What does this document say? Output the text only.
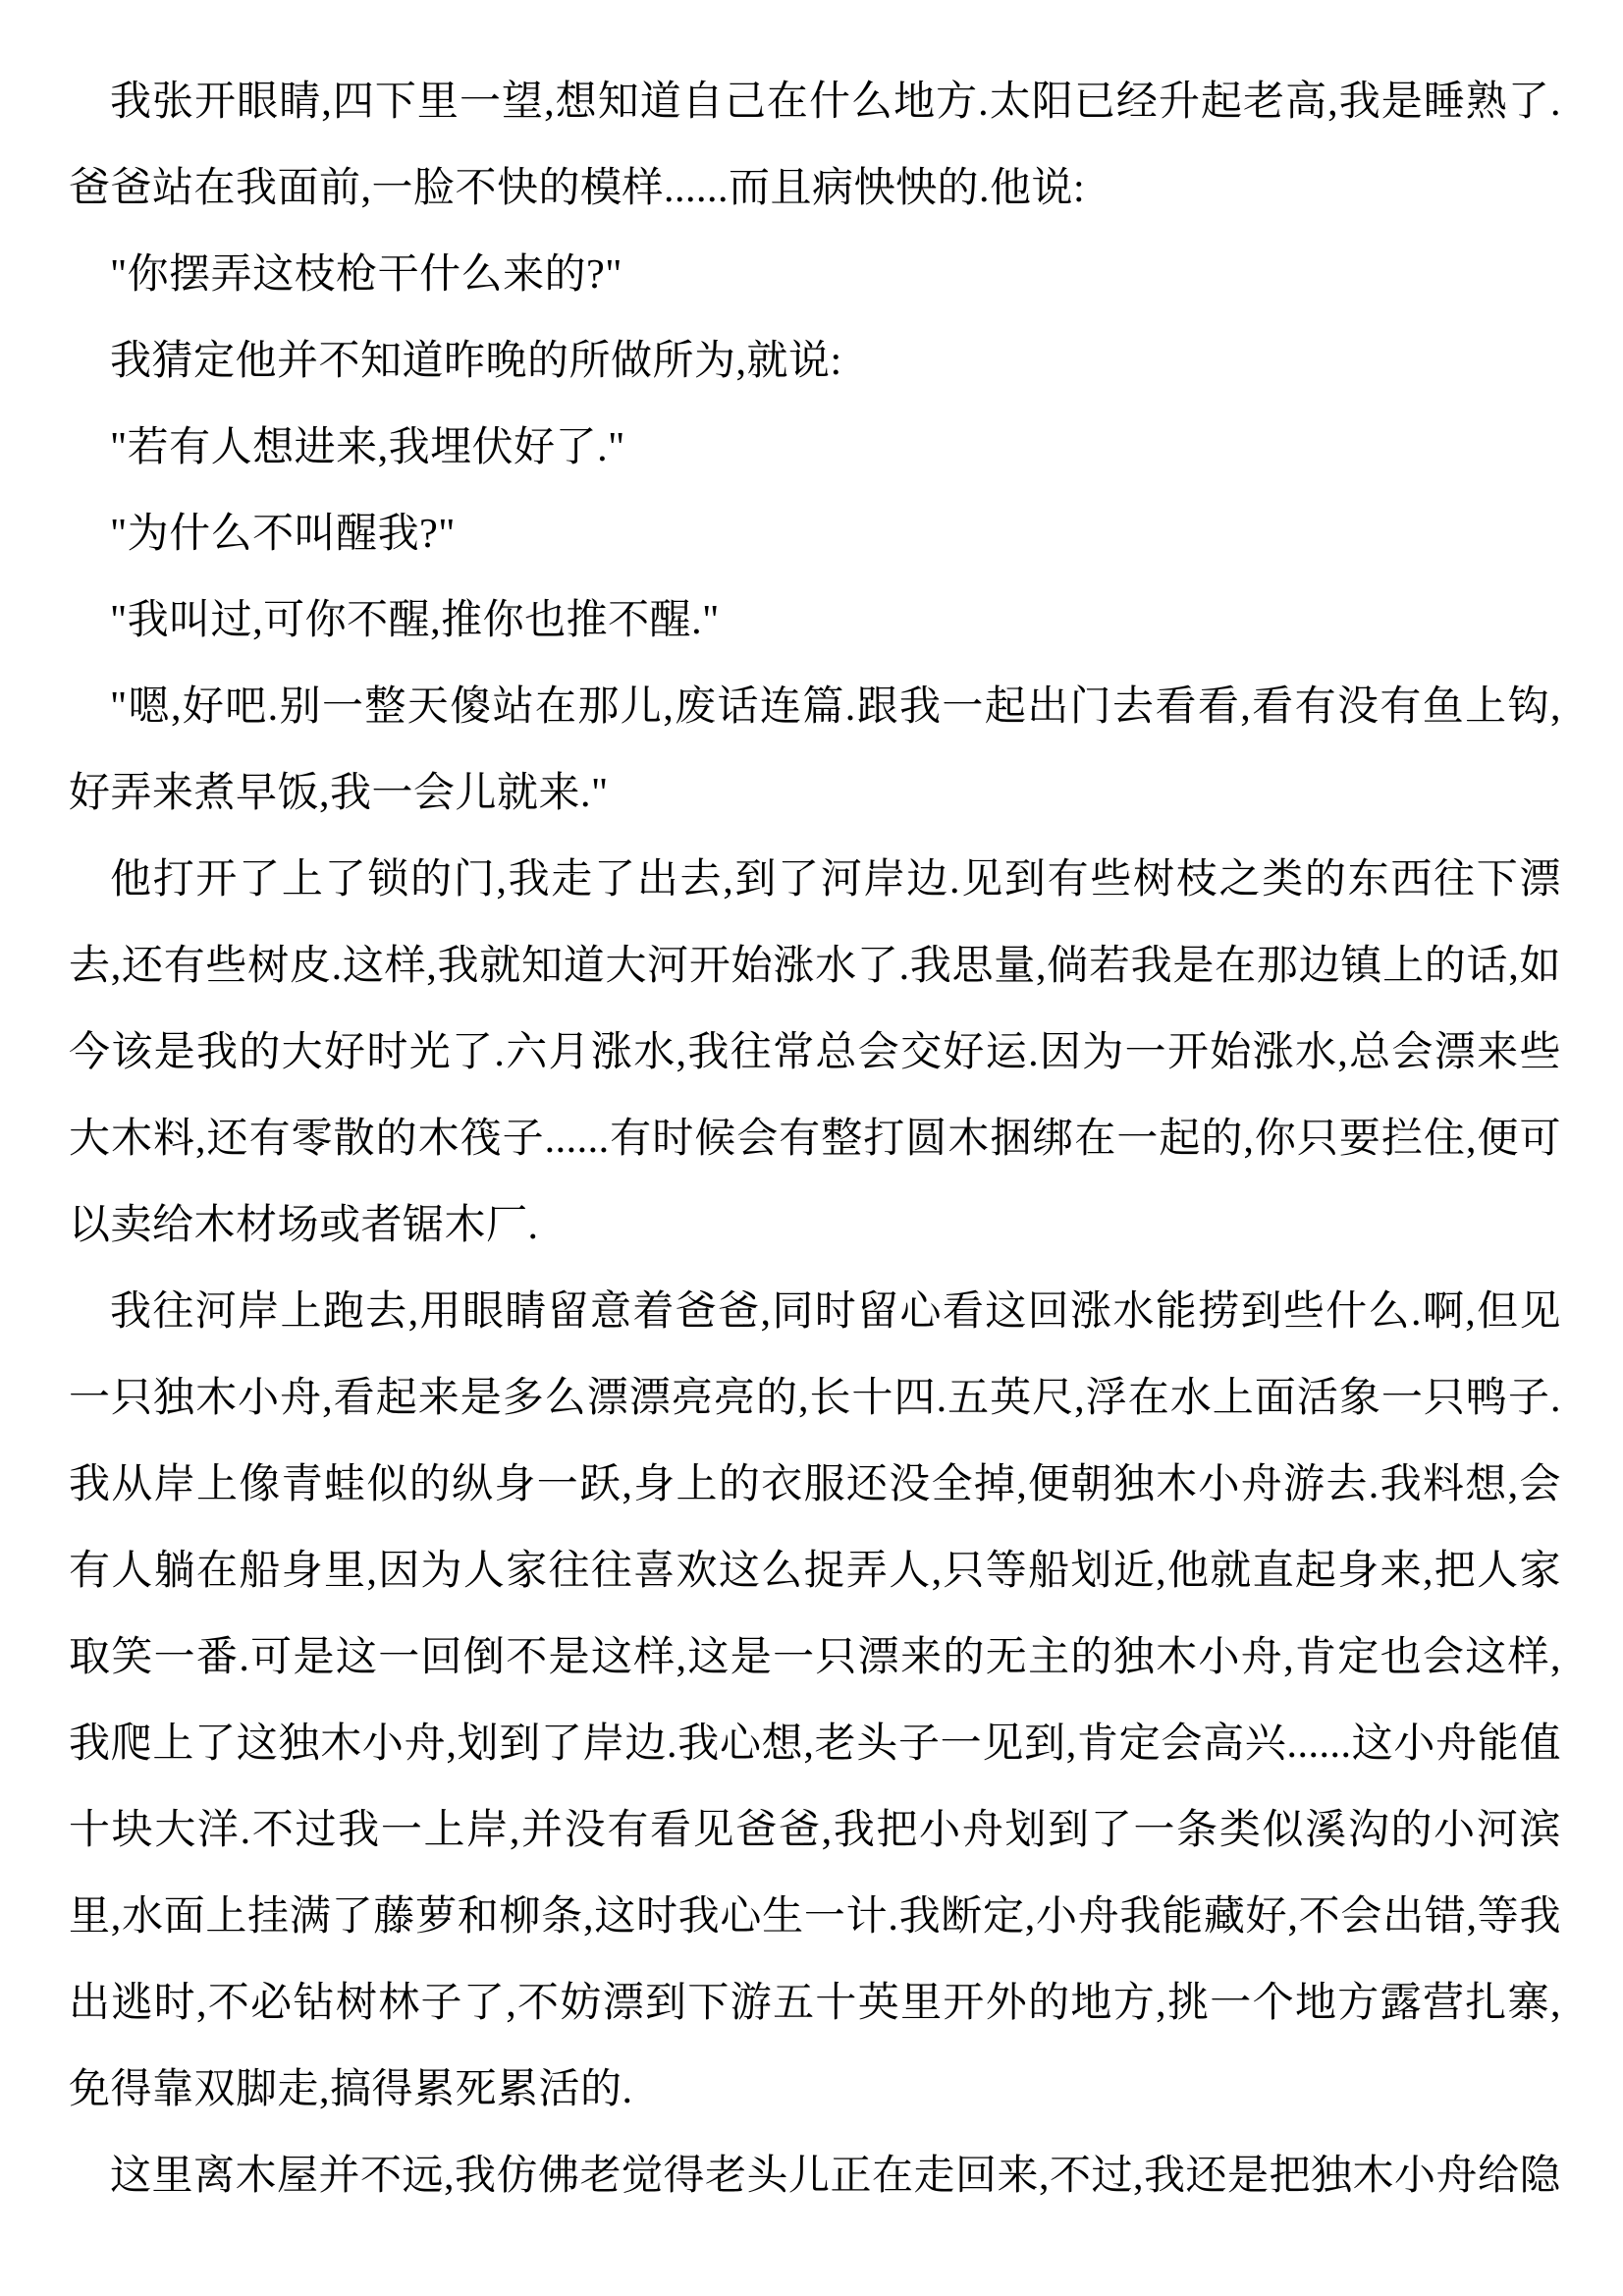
我张开眼睛,四下里一望,想知道自己在什么地方.太阳已经升起老高,我是睡熟了.爸爸站在我面前,一脸不快的模样......而且病怏怏的.他说:

"你摆弄这枝枪干什么来的?"

我猜定他并不知道昨晚的所做所为,就说:

"若有人想进来,我埋伏好了."

"为什么不叫醒我?"

"我叫过,可你不醒,推你也推不醒."

"嗯,好吧.别一整天傻站在那儿,废话连篇.跟我一起出门去看看,看有没有鱼上钩,好弄来煮早饭,我一会儿就来."

他打开了上了锁的门,我走了出去,到了河岸边.见到有些树枝之类的东西往下漂去,还有些树皮.这样,我就知道大河开始涨水了.我思量,倘若我是在那边镇上的话,如今该是我的大好时光了.六月涨水,我往常总会交好运.因为一开始涨水,总会漂来些大木料,还有零散的木筏子......有时候会有整打圆木捆绑在一起的,你只要拦住,便可以卖给木材场或者锯木厂.

我往河岸上跑去,用眼睛留意着爸爸,同时留心看这回涨水能捞到些什么.啊,但见一只独木小舟,看起来是多么漂漂亮亮的,长十四.五英尺,浮在水上面活象一只鸭子.我从岸上像青蛙似的纵身一跃,身上的衣服还没全掉,便朝独木小舟游去.我料想,会有人躺在船身里,因为人家往往喜欢这么捉弄人,只等船划近,他就直起身来,把人家取笑一番.可是这一回倒不是这样,这是一只漂来的无主的独木小舟,肯定也会这样,我爬上了这独木小舟,划到了岸边.我心想,老头子一见到,肯定会高兴......这小舟能值十块大洋.不过我一上岸,并没有看见爸爸,我把小舟划到了一条类似溪沟的小河滨里,水面上挂满了藤萝和柳条,这时我心生一计.我断定,小舟我能藏好,不会出错,等我出逃时,不必钻树林子了,不妨漂到下游五十英里开外的地方,挑一个地方露营扎寨,免得靠双脚走,搞得累死累活的.

这里离木屋并不远,我仿佛老觉得老头儿正在走回来,不过,我还是把独木小舟给隐
